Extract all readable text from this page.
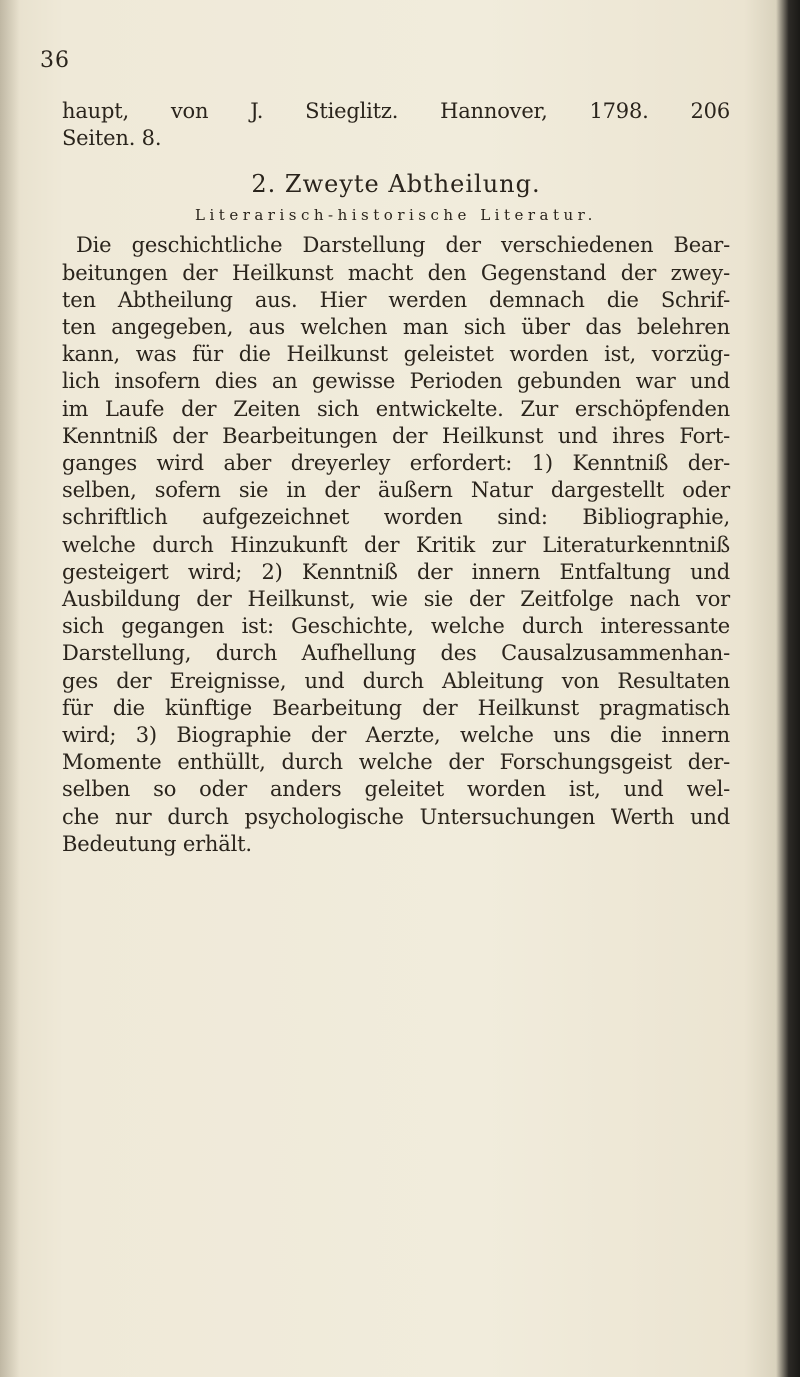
36
haupt, von J. Stieglitz. Hannover, 1798. 206
Seiten. 8.
2. Zweyte Abtheilung.
Literarisch-historische Literatur.
Die geschichtliche Darstellung der verschiedenen Bear-
beitungen der Heilkunst macht den Gegenstand der zwey-
ten Abtheilung aus. Hier werden demnach die Schrif-
ten angegeben, aus welchen man sich über das belehren
kann, was für die Heilkunst geleistet worden ist, vorzüg-
lich insofern dies an gewisse Perioden gebunden war und
im Laufe der Zeiten sich entwickelte. Zur erschöpfenden
Kenntniß der Bearbeitungen der Heilkunst und ihres Fort-
ganges wird aber dreyerley erfordert: 1) Kenntniß der-
selben, sofern sie in der äußern Natur dargestellt oder
schriftlich aufgezeichnet worden sind: Bibliographie,
welche durch Hinzukunft der Kritik zur Literaturkenntniß
gesteigert wird; 2) Kenntniß der innern Entfaltung und
Ausbildung der Heilkunst, wie sie der Zeitfolge nach vor
sich gegangen ist: Geschichte, welche durch interessante
Darstellung, durch Aufhellung des Causalzusammenhan-
ges der Ereignisse, und durch Ableitung von Resultaten
für die künftige Bearbeitung der Heilkunst pragmatisch
wird; 3) Biographie der Aerzte, welche uns die innern
Momente enthüllt, durch welche der Forschungsgeist der-
selben so oder anders geleitet worden ist, und wel-
che nur durch psychologische Untersuchungen Werth und
Bedeutung erhält.
